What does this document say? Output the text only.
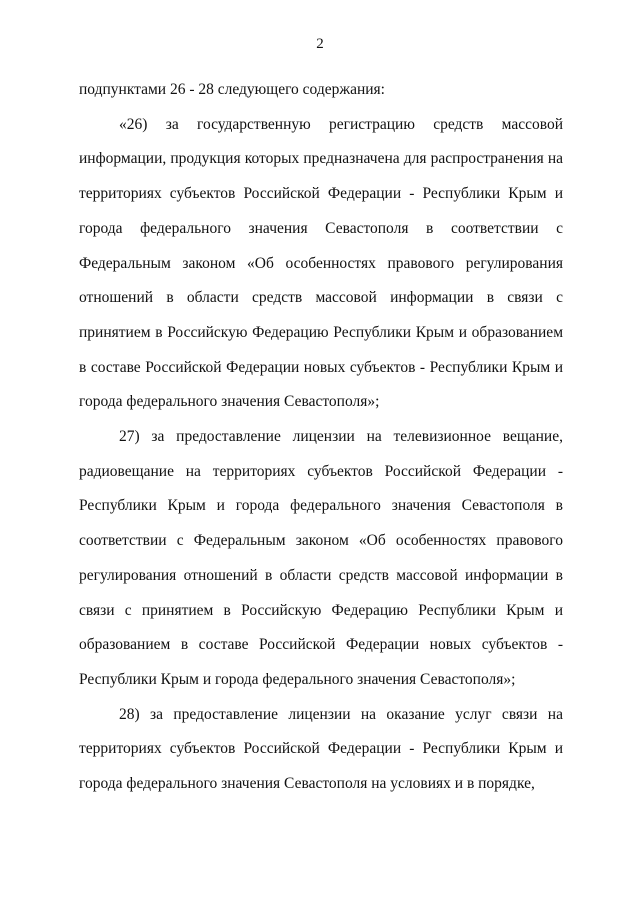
2

подпунктами 26 - 28 следующего содержания:

«26) за государственную регистрацию средств массовой информации, продукция которых предназначена для распространения на территориях субъектов Российской Федерации - Республики Крым и города федерального значения Севастополя в соответствии с Федеральным законом «Об особенностях правового регулирования отношений в области средств массовой информации в связи с принятием в Российскую Федерацию Республики Крым и образованием в составе Российской Федерации новых субъектов - Республики Крым и города федерального значения Севастополя»;

27) за предоставление лицензии на телевизионное вещание, радиовещание на территориях субъектов Российской Федерации - Республики Крым и города федерального значения Севастополя в соответствии с Федеральным законом «Об особенностях правового регулирования отношений в области средств массовой информации в связи с принятием в Российскую Федерацию Республики Крым и образованием в составе Российской Федерации новых субъектов - Республики Крым и города федерального значения Севастополя»;

28) за предоставление лицензии на оказание услуг связи на территориях субъектов Российской Федерации - Республики Крым и города федерального значения Севастополя на условиях и в порядке,
